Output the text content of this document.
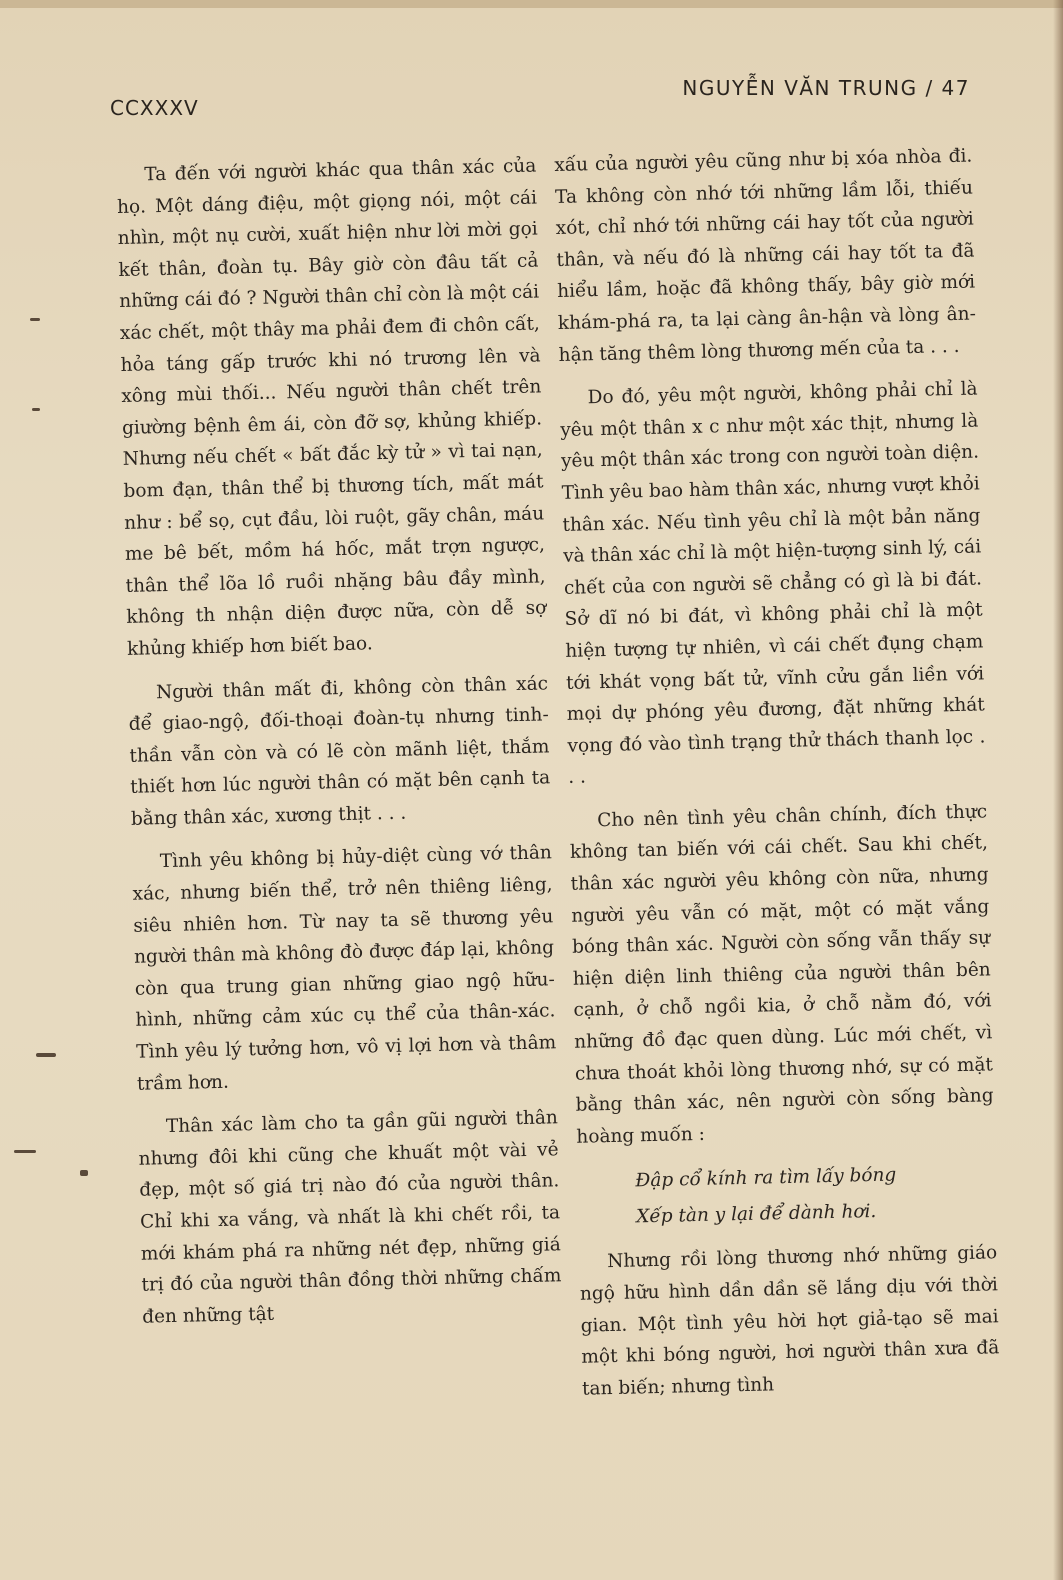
CCXXXV
NGUYỄN VĂN TRUNG / 47

Ta đến với người khác qua thân xác của họ. Một dáng điệu, một giọng nói, một cái nhìn, một nụ cười, xuất hiện như lời mời gọi kết thân, đoàn tụ. Bây giờ còn đâu tất cả những cái đó ? Người thân chỉ còn là một cái xác chết, một thây ma phải đem đi chôn cất, hỏa táng gấp trước khi nó trương lên và xông mùi thối... Nếu người thân chết trên giường bệnh êm ái, còn đỡ sợ, khủng khiếp. Nhưng nếu chết « bất đắc kỳ tử » vì tai nạn, bom đạn, thân thể bị thương tích, mất mát như : bể sọ, cụt đầu, lòi ruột, gãy chân, máu me bê bết, mồm há hốc, mắt trợn ngược, thân thể lõa lồ ruồi nhặng bâu đầy mình, không th nhận diện được nữa, còn dễ sợ khủng khiếp hơn biết bao.

Người thân mất đi, không còn thân xác để giao-ngộ, đối-thoại đoàn-tụ nhưng tinh-thần vẫn còn và có lẽ còn mãnh liệt, thắm thiết hơn lúc người thân có mặt bên cạnh ta bằng thân xác, xương thịt . . .

Tình yêu không bị hủy-diệt cùng vớ thân xác, nhưng biến thể, trở nên thiêng liêng, siêu nhiên hơn. Từ nay ta sẽ thương yêu người thân mà không đò được đáp lại, không còn qua trung gian những giao ngộ hữu-hình, những cảm xúc cụ thể của thân-xác. Tình yêu lý tưởng hơn, vô vị lợi hơn và thâm trầm hơn.

Thân xác làm cho ta gần gũi người thân nhưng đôi khi cũng che khuất một vài vẻ đẹp, một số giá trị nào đó của người thân. Chỉ khi xa vắng, và nhất là khi chết rồi, ta mới khám phá ra những nét đẹp, những giá trị đó của người thân đồng thời những chấm đen những tật

xấu của người yêu cũng như bị xóa nhòa đi. Ta không còn nhớ tới những lầm lỗi, thiếu xót, chỉ nhớ tới những cái hay tốt của người thân, và nếu đó là những cái hay tốt ta đã hiểu lầm, hoặc đã không thấy, bây giờ mới khám-phá ra, ta lại càng ân-hận và lòng ân-hận tăng thêm lòng thương mến của ta . . .

Do đó, yêu một người, không phải chỉ là yêu một thân x c như một xác thịt, nhưng là yêu một thân xác trong con người toàn diện. Tình yêu bao hàm thân xác, nhưng vượt khỏi thân xác. Nếu tình yêu chỉ là một bản năng và thân xác chỉ là một hiện-tượng sinh lý, cái chết của con người sẽ chẳng có gì là bi đát. Sở dĩ nó bi đát, vì không phải chỉ là một hiện tượng tự nhiên, vì cái chết đụng chạm tới khát vọng bất tử, vĩnh cửu gắn liền với mọi dự phóng yêu đương, đặt những khát vọng đó vào tình trạng thử thách thanh lọc . . .

Cho nên tình yêu chân chính, đích thực không tan biến với cái chết. Sau khi chết, thân xác người yêu không còn nữa, nhưng người yêu vẫn có mặt, một có mặt vắng bóng thân xác. Người còn sống vẫn thấy sự hiện diện linh thiêng của người thân bên cạnh, ở chỗ ngồi kia, ở chỗ nằm đó, với những đồ đạc quen dùng. Lúc mới chết, vì chưa thoát khỏi lòng thương nhớ, sự có mặt bằng thân xác, nên người còn sống bàng hoàng muốn :

Đập cổ kính ra tìm lấy bóng
Xếp tàn y lại để dành hơi.

Nhưng rồi lòng thương nhớ những giáo ngộ hữu hình dần dần sẽ lắng dịu với thời gian. Một tình yêu hời hợt giả-tạo sẽ mai một khi bóng người, hơi người thân xưa đã tan biến; nhưng tình
